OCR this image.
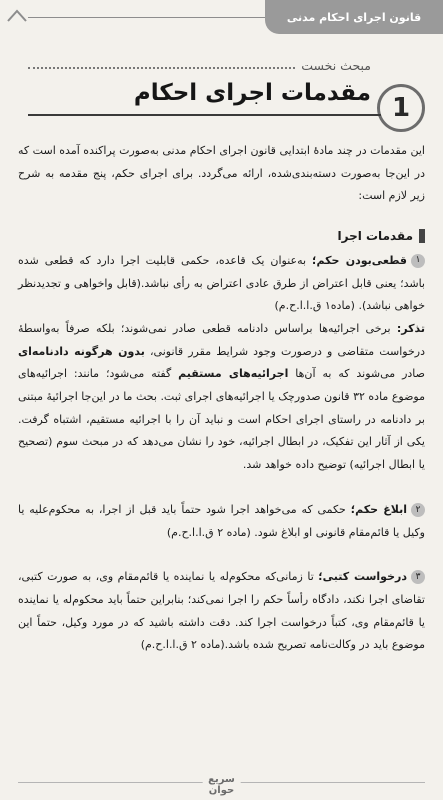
قانون اجرای احکام مدنی
مبحث نخست
1
مقدمات اجرای احکام

این مقدمات در چند مادهٔ ابتدایی قانون اجرای احکام مدنی به‌صورت پراکنده آمده است که در این‌جا به‌صورت دسته‌بندی‌شده، ارائه می‌گردد. برای اجرای حکم، پنج مقدمه به شرح زیر لازم است:

مقدمات اجرا

۱قطعی‌بودن حکم؛ به‌عنوان یک قاعده، حکمی قابلیت اجرا دارد که قطعی شده باشد؛ یعنی قابل اعتراض از طرق عادی اعتراض به رأی نباشد.(قابل واخواهی و تجدیدنظر خواهی نباشد). (ماده۱ ق.ا.ا.ح.م)

تذکر: برخی اجرائیه‌ها براساس دادنامه قطعی صادر نمی‌شوند؛ بلکه صرفاً به‌واسطهٔ درخواست متقاضی و درصورت وجود شرایط مقرر قانونی، بدون هرگونه دادنامه‌ای صادر می‌شوند که به آن‌ها اجرائیه‌های مستقیم گفته می‌شود؛ مانند: اجرائیه‌های موضوع ماده ۳۲ قانون صدورچک یا اجرائیه‌های اجرای ثبت. بحث ما در این‌جا اجرائیهٔ مبتنی بر دادنامه در راستای اجرای احکام است و نباید آن را با اجرائیه مستقیم، اشتباه گرفت. یکی از آثار این تفکیک، در ابطال اجرائیه، خود را نشان می‌دهد که در مبحث سوم (تصحیح یا ابطال اجرائیه) توضیح داده خواهد شد.

۲ابلاغ حکم؛ حکمی که می‌خواهد اجرا شود حتماً باید قبل از اجرا، به محکوم‌علیه یا وکیل یا قائم‌مقام قانونی او ابلاغ شود. (ماده ۲ ق.ا.ا.ح.م)

۳درخواست کتبی؛ تا زمانی‌که محکوم‌له یا نماینده یا قائم‌مقام وی، به صورت کتبی، تقاضای اجرا نکند، دادگاه رأساً حکم را اجرا نمی‌کند؛ بنابراین حتماً باید محکوم‌له یا نماینده یا قائم‌مقام وی، کتباً درخواست اجرا کند. دقت داشته باشید که در مورد وکیل، حتماً این موضوع باید در وکالت‌نامه تصریح شده باشد.(ماده ۲ ق.ا.ا.ح.م)

سریع
حوان
